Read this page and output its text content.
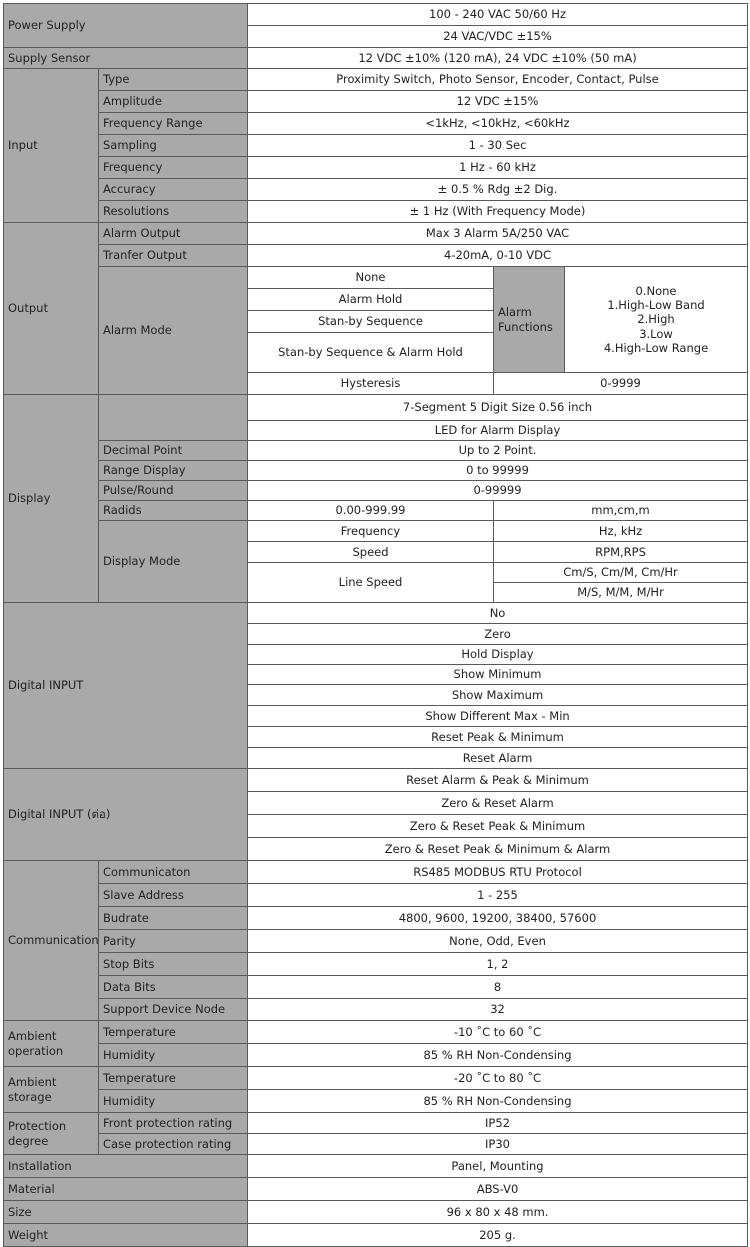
Power Supply		100 - 240 VAC 50/60 Hz		
		24 VAC/VDC ±15%		
Supply Sensor		12 VDC ±10% (120 mA), 24 VDC ±10% (50 mA)		
Input	Type	Proximity Switch, Photo Sensor, Encoder, Contact, Pulse		
	Amplitude	12 VDC ±15%		
	Frequency Range	<1kHz, <10kHz, <60kHz		
	Sampling	1 - 30 Sec		
	Frequency	1 Hz - 60 kHz		
	Accuracy	± 0.5 % Rdg ±2 Dig.		
	Resolutions	± 1 Hz (With Frequency Mode)		
Output	Alarm Output	Max 3 Alarm 5A/250 VAC		
	Tranfer Output	4-20mA, 0-10 VDC		
	Alarm Mode	None	Alarm Functions	0.None
1.High-Low Band
2.High
3.Low
4.High-Low Range

		Alarm Hold		
		Stan-by Sequence		
		Stan-by Sequence & Alarm Hold		
		Hysteresis	0-9999	
Display		7-Segment 5 Digit Size 0.56 inch		
		LED for Alarm Display		
	Decimal Point	Up to 2 Point.		
	Range Display	0 to 99999		
	Pulse/Round	0-99999		
	Radids	0.00-999.99	mm,cm,m	
	Display Mode	Frequency	Hz, kHz	
		Speed	RPM,RPS	
		Line Speed	Cm/S, Cm/M, Cm/Hr	
			M/S, M/M, M/Hr	
Digital INPUT		No		
		Zero		
		Hold Display		
		Show Minimum		
		Show Maximum		
		Show Different Max - Min		
		Reset Peak & Minimum		
		Reset Alarm		
Digital INPUT (ต่อ)		Reset Alarm & Peak & Minimum		
		Zero & Reset Alarm		
		Zero & Reset Peak & Minimum		
		Zero & Reset Peak & Minimum & Alarm		
Communication	Communicaton	RS485 MODBUS RTU Protocol		
	Slave Address	1 - 255		
	Budrate	4800, 9600, 19200, 38400, 57600		
	Parity	None, Odd, Even		
	Stop Bits	1, 2		
	Data Bits	8		
	Support Device Node	32		
Ambient operation	Temperature	-10 ˚C to 60 ˚C		
	Humidity	85 % RH Non-Condensing		
Ambient storage	Temperature	-20 ˚C to 80 ˚C		
	Humidity	85 % RH Non-Condensing		
Protection degree	Front protection rating	IP52		
	Case protection rating	IP30		
Installation		Panel, Mounting		
Material		ABS-V0		
Size		96 x 80 x 48 mm.		
Weight		205 g.		
